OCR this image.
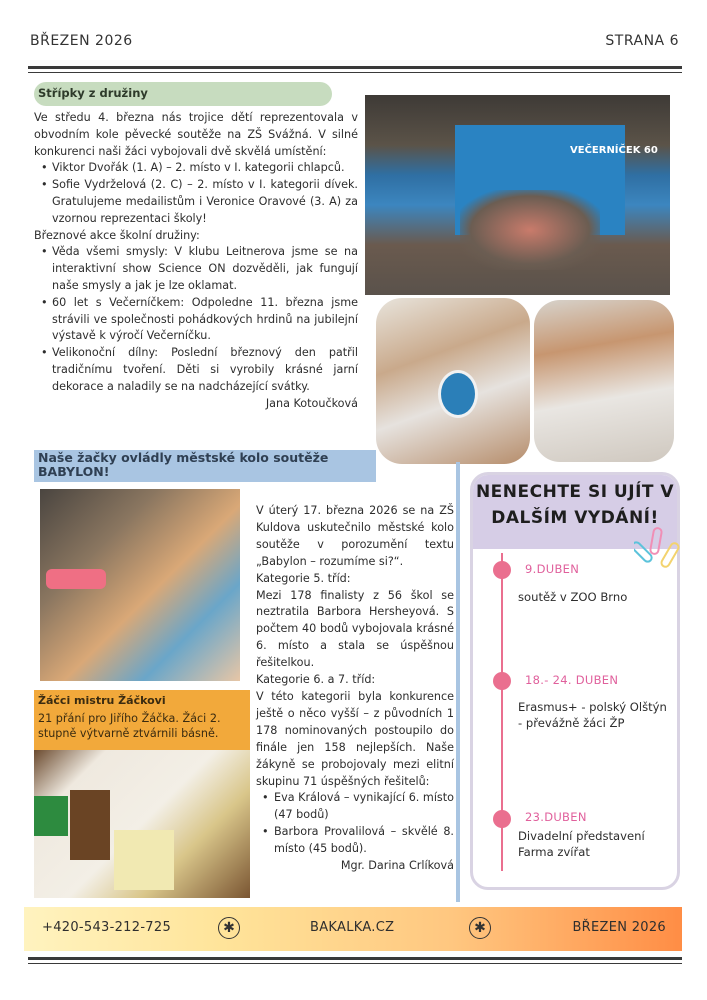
BŘEZEN 2026	STRANA 6
Střípky z družiny

Ve středu 4. března nás trojice dětí reprezentovala v obvodním kole pěvecké soutěže na ZŠ Svážná. V silné konkurenci naši žáci vybojovali dvě skvělá umístění:

• Viktor Dvořák (1. A) – 2. místo v I. kategorii chlapců.
• Sofie Vydrželová (2. C) – 2. místo v I. kategorii dívek. Gratulujeme medailistům i Veronice Oravové (3. A) za vzornou reprezentaci školy!

Březnové akce školní družiny:

• Věda všemi smysly: V klubu Leitnerova jsme se na interaktivní show Science ON dozvěděli, jak fungují naše smysly a jak je lze oklamat.
• 60 let s Večerníčkem: Odpoledne 11. března jsme strávili ve společnosti pohádkových hrdinů na jubilejní výstavě k výročí Večerníčku.
• Velikonoční dílny: Poslední březnový den patřil tradičnímu tvoření. Děti si vyrobily krásné jarní dekorace a naladily se na nadcházející svátky.

Jana Kotoučková

VEČERNÍČEK 60
Naše žačky ovládly městské kolo soutěže BABYLON!

V úterý 17. března 2026 se na ZŠ Kuldova uskutečnilo městské kolo soutěže v porozumění textu „Babylon – rozumíme si?“.

Kategorie 5. tříd:

Mezi 178 finalisty z 56 škol se neztratila Barbora Hersheyová. S počtem 40 bodů vybojovala krásné 6. místo a stala se úspěšnou řešitelkou.

Kategorie 6. a 7. tříd:

V této kategorii byla konkurence ještě o něco vyšší – z původních 1 178 nominovaných postoupilo do finále jen 158 nejlepších. Naše žákyně se probojovaly mezi elitní skupinu 71 úspěšných řešitelů:

• Eva Králová – vynikající 6. místo (47 bodů)
• Barbora Provalilová – skvělé 8. místo (45 bodů).

Mgr. Darina Crlíková

Žáčci mistru Žáčkovi
21 přání pro Jiřího Žáčka. Žáci 2. stupně výtvarně ztvárnili básně.
NENECHTE SI UJÍT V DALŠÍM VYDÁNÍ!
9.DUBEN
soutěž v ZOO Brno
18.- 24. DUBEN
Erasmus+ - polský Olštýn - převážně žáci ŽP
23.DUBEN
Divadelní představení Farma zvířat
+420-543-212-725	✱	BAKALKA.CZ	✱	BŘEZEN 2026
